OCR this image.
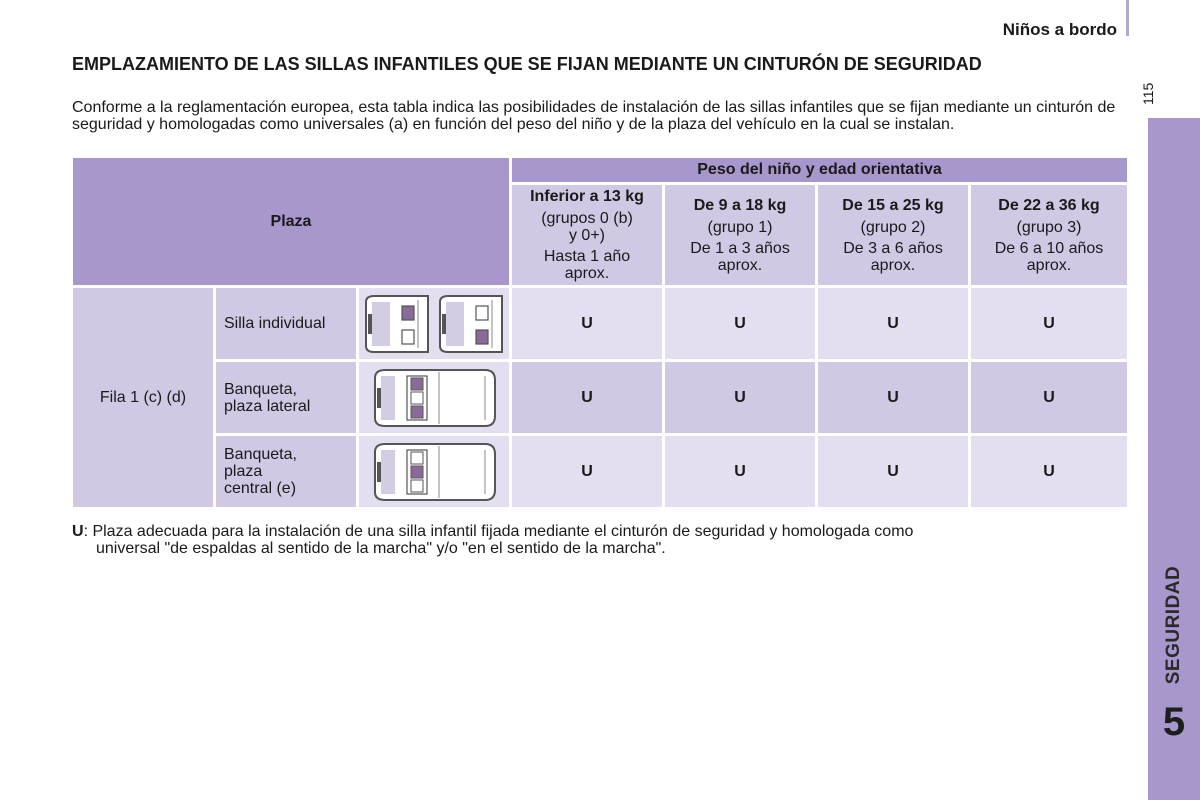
Niños a bordo
115
SEGURIDAD
5
EMPLAZAMIENTO DE LAS SILLAS INFANTILES QUE SE FIJAN MEDIANTE UN CINTURÓN DE SEGURIDAD
Conforme a la reglamentación europea, esta tabla indica las posibilidades de instalación de las sillas infantiles que se fijan mediante un cinturón de seguridad y homologadas como universales (a) en función del peso del niño y de la plaza del vehículo en la cual se instalan.
Plaza			Peso del niño y edad orientativa			

			Inferior a 13 kg
(grupos 0 (b)
y 0+)
Hasta 1 año
aprox.	De 9 a 18 kg
(grupo 1)
De 1 a 3 años
aprox.	De 15 a 25 kg
(grupo 2)
De 3 a 6 años
aprox.	De 22 a 36 kg
(grupo 3)
De 6 a 10 años
aprox.

Fila 1 (c) (d)	Silla individual		U	U	U	U
	Banqueta,
plaza lateral		U	U	U	U
	Banqueta,
plaza
central (e)		U	U	U	U
U: Plaza adecuada para la instalación de una silla infantil fijada mediante el cinturón de seguridad y homologada como
universal "de espaldas al sentido de la marcha" y/o "en el sentido de la marcha".
